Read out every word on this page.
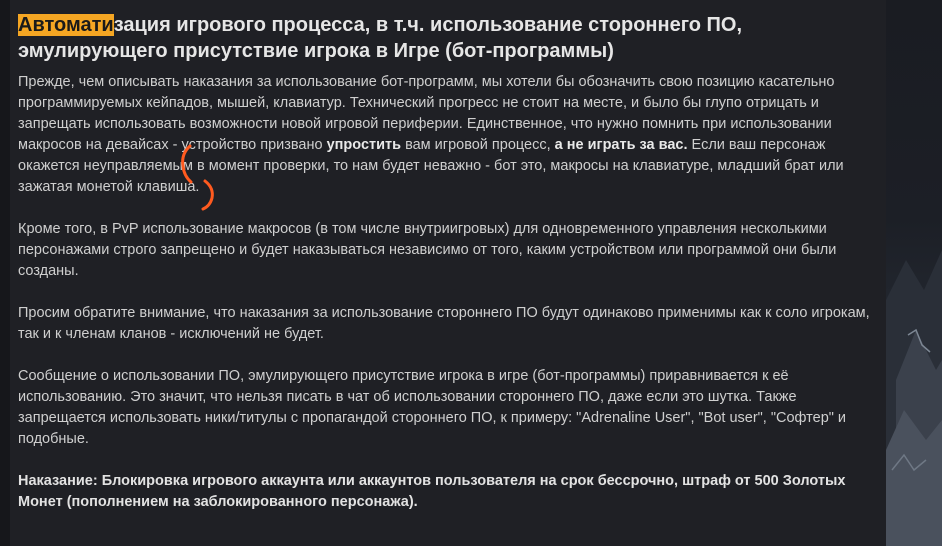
Автоматизация игрового процесса, в т.ч. использование стороннего ПО, эмулирующего присутствие игрока в Игре (бот-программы)

Прежде, чем описывать наказания за использование бот-программ, мы хотели бы обозначить свою позицию касательно программируемых кейпадов, мышей, клавиатур. Технический прогресс не стоит на месте, и было бы глупо отрицать и запрещать использовать возможности новой игровой периферии. Единственное, что нужно помнить при использовании макросов на девайсах - устройство призвано упростить вам игровой процесс, а не играть за вас. Если ваш персонаж окажется неуправляемым в момент проверки, то нам будет неважно - бот это, макросы на клавиатуре, младший брат или зажатая монетой клавиша.

Кроме того, в PvP использование макросов (в том числе внутриигровых) для одновременного управления несколькими персонажами строго запрещено и будет наказываться независимо от того, каким устройством или программой они были созданы.

Просим обратите внимание, что наказания за использование стороннего ПО будут одинаково применимы как к соло игрокам, так и к членам кланов - исключений не будет.

Сообщение о использовании ПО, эмулирующего присутствие игрока в игре (бот-программы) приравнивается к её использованию. Это значит, что нельзя писать в чат об использовании стороннего ПО, даже если это шутка. Также запрещается использовать ники/титулы с пропагандой стороннего ПО, к примеру: "Adrenaline User", "Bot user", "Софтер" и подобные.

Наказание: Блокировка игрового аккаунта или аккаунтов пользователя на срок бессрочно, штраф от 500 Золотых Монет (пополнением на заблокированного персонажа).
